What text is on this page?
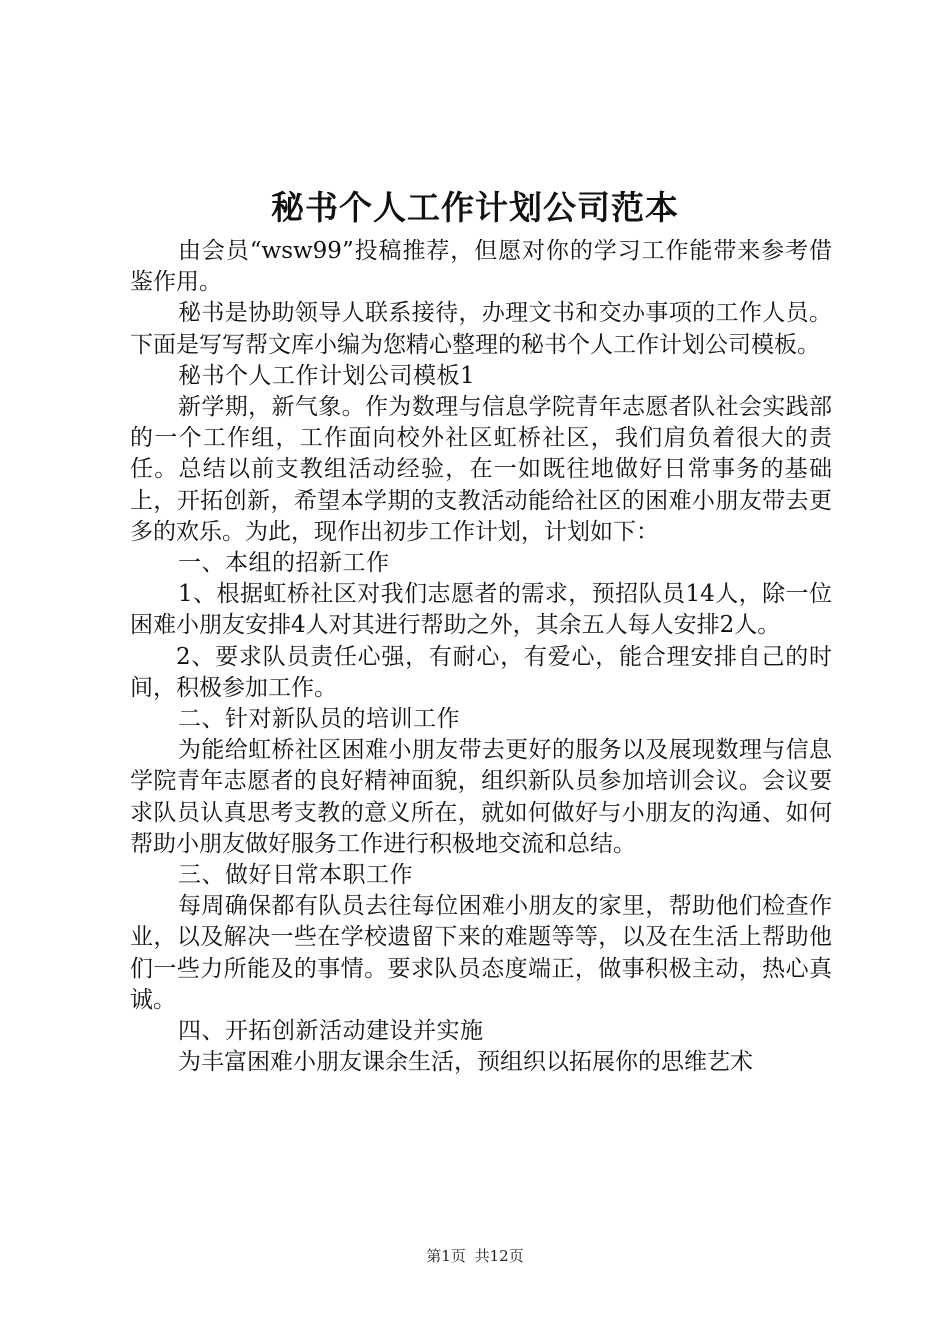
秘书个人工作计划公司范本

由会员“wsw99”投稿推荐，但愿对你的学习工作能带来参考借鉴作用。

秘书是协助领导人联系接待，办理文书和交办事项的工作人员。下面是写写帮文库小编为您精心整理的秘书个人工作计划公司模板。

秘书个人工作计划公司模板1

新学期，新气象。作为数理与信息学院青年志愿者队社会实践部的一个工作组，工作面向校外社区虹桥社区，我们肩负着很大的责任。总结以前支教组活动经验，在一如既往地做好日常事务的基础上，开拓创新，希望本学期的支教活动能给社区的困难小朋友带去更多的欢乐。为此，现作出初步工作计划，计划如下：

一、本组的招新工作

1、根据虹桥社区对我们志愿者的需求，预招队员14人，除一位困难小朋友安排4人对其进行帮助之外，其余五人每人安排2人。

2、要求队员责任心强，有耐心，有爱心，能合理安排自己的时间，积极参加工作。

二、针对新队员的培训工作

为能给虹桥社区困难小朋友带去更好的服务以及展现数理与信息学院青年志愿者的良好精神面貌，组织新队员参加培训会议。会议要求队员认真思考支教的意义所在，就如何做好与小朋友的沟通、如何帮助小朋友做好服务工作进行积极地交流和总结。

三、做好日常本职工作

每周确保都有队员去往每位困难小朋友的家里，帮助他们检查作业，以及解决一些在学校遗留下来的难题等等，以及在生活上帮助他们一些力所能及的事情。要求队员态度端正，做事积极主动，热心真诚。

四、开拓创新活动建设并实施

为丰富困难小朋友课余生活，预组织以拓展你的思维艺术

第1页 共12页
